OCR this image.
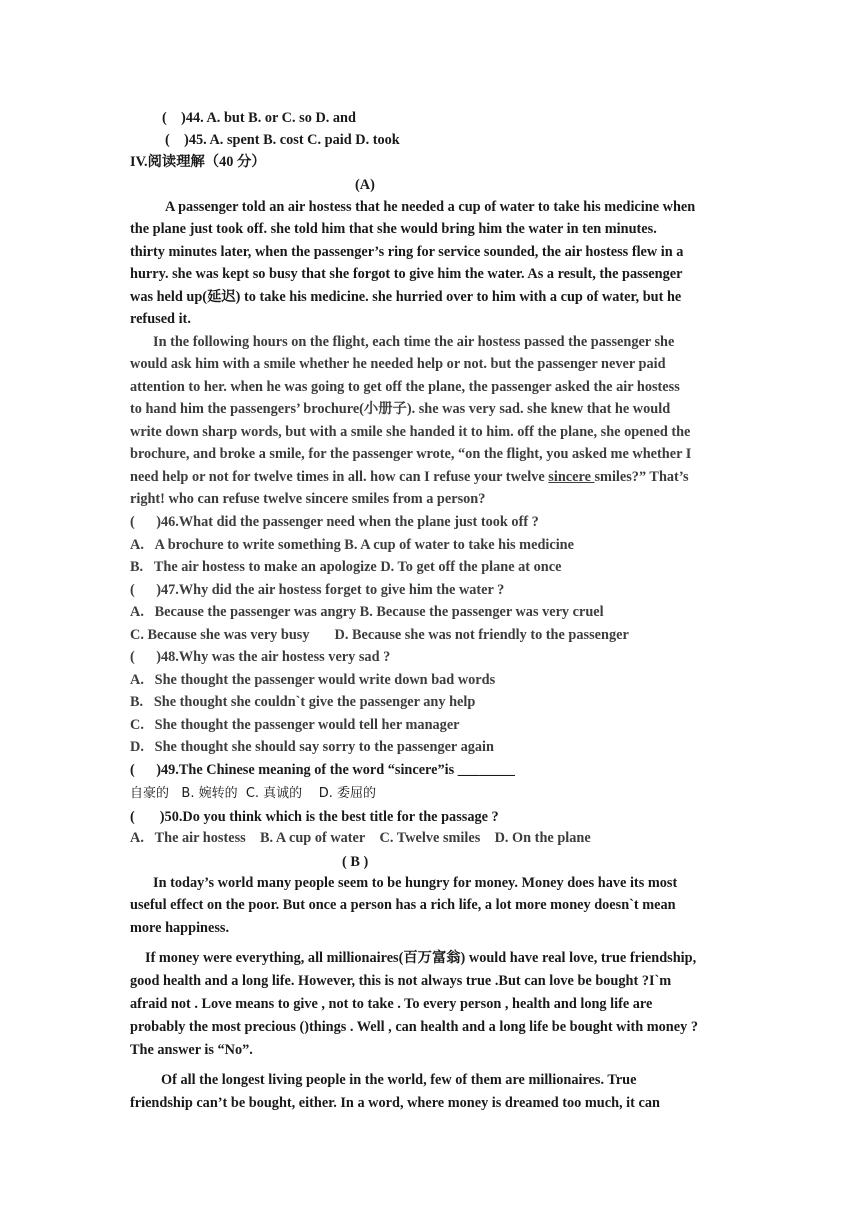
(    )44. A. but B. or C. so D. and
(    )45. A. spent B. cost C. paid D. took
IV.阅读理解（40 分）
(A)
A passenger told an air hostess that he needed a cup of water to take his medicine when
the plane just took off. she told him that she would bring him the water in ten minutes.
thirty minutes later, when the passenger’s ring for service sounded, the air hostess flew in a
hurry. she was kept so busy that she forgot to give him the water. As a result, the passenger
was held up(延迟) to take his medicine. she hurried over to him with a cup of water, but he
refused it.
In the following hours on the flight, each time the air hostess passed the passenger she
would ask him with a smile whether he needed help or not. but the passenger never paid
attention to her. when he was going to get off the plane, the passenger asked the air hostess
to hand him the passengers’ brochure(小册子). she was very sad. she knew that he would
write down sharp words, but with a smile she handed it to him. off the plane, she opened the
brochure, and broke a smile, for the passenger wrote, “on the flight, you asked me whether I
need help or not for twelve times in all. how can I refuse your twelve sincere smiles?” That’s
right! who can refuse twelve sincere smiles from a person?
(      )46.What did the passenger need when the plane just took off ?
A.   A brochure to write something B. A cup of water to take his medicine
B.   The air hostess to make an apologize D. To get off the plane at once
(      )47.Why did the air hostess forget to give him the water ?
A.   Because the passenger was angry B. Because the passenger was very cruel
C. Because she was very busy       D. Because she was not friendly to the passenger
(      )48.Why was the air hostess very sad ?
A.   She thought the passenger would write down bad words
B.   She thought she couldn`t give the passenger any help
C.   She thought the passenger would tell her manager
D.   She thought she should say sorry to the passenger again
(      )49.The Chinese meaning of the word “sincere”is ________
自豪的   B. 婉转的  C. 真诚的    D. 委屈的
(       )50.Do you think which is the best title for the passage ?
A.   The air hostess    B. A cup of water    C. Twelve smiles    D. On the plane
( B )
In today’s world many people seem to be hungry for money. Money does have its most
useful effect on the poor. But once a person has a rich life, a lot more money doesn`t mean
more happiness.
If money were everything, all millionaires(百万富翁) would have real love, true friendship,
good health and a long life. However, this is not always true .But can love be bought ?I`m
afraid not . Love means to give , not to take . To every person , health and long life are
probably the most precious ()things . Well , can health and a long life be bought with money ?
The answer is “No”.
Of all the longest living people in the world, few of them are millionaires. True
friendship can’t be bought, either. In a word, where money is dreamed too much, it can
